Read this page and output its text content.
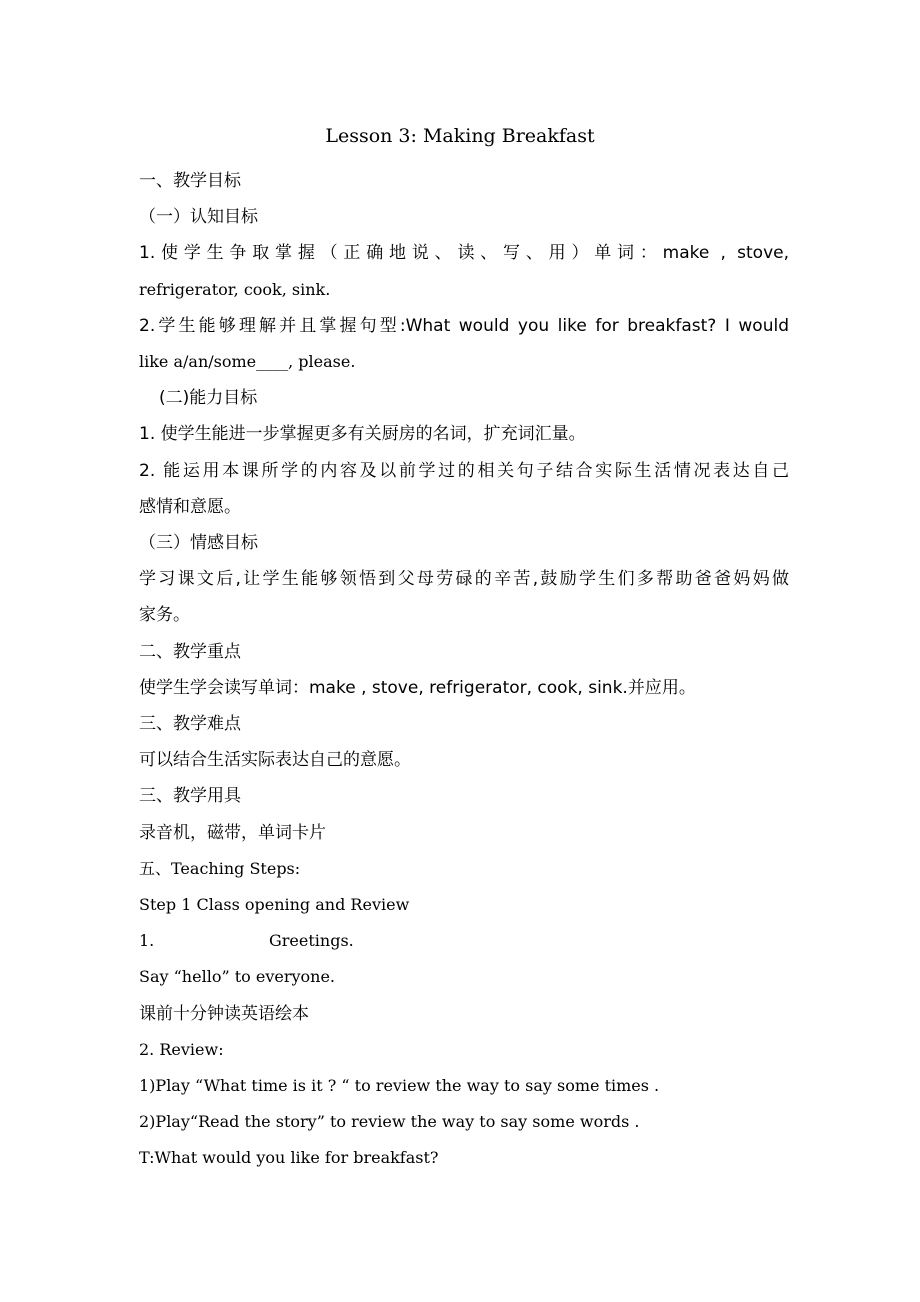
Lesson 3: Making Breakfast

一、教学目标

（一）认知目标

1.使学生争取掌握（正确地说、读、写、用）单词：make , stove,

refrigerator, cook, sink.

2.学生能够理解并且掌握句型:What would you like for breakfast? I would

like a/an/some____, please.

(二)能力目标

1. 使学生能进一步掌握更多有关厨房的名词，扩充词汇量。

2. 能运用本课所学的内容及以前学过的相关句子结合实际生活情况表达自己

感情和意愿。

（三）情感目标

学习课文后,让学生能够领悟到父母劳碌的辛苦,鼓励学生们多帮助爸爸妈妈做

家务。

二、教学重点

使学生学会读写单词：make , stove, refrigerator, cook, sink.并应用。

三、教学难点

可以结合生活实际表达自己的意愿。

三、教学用具

录音机，磁带，单词卡片

五、Teaching Steps:

Step 1 Class opening and Review

1.	Greetings.

Say “hello” to everyone.

课前十分钟读英语绘本

2. Review:

1)Play “What time is it ? “ to review the way to say some times .

2)Play“Read the story” to review the way to say some words .

T:What would you like for breakfast?
